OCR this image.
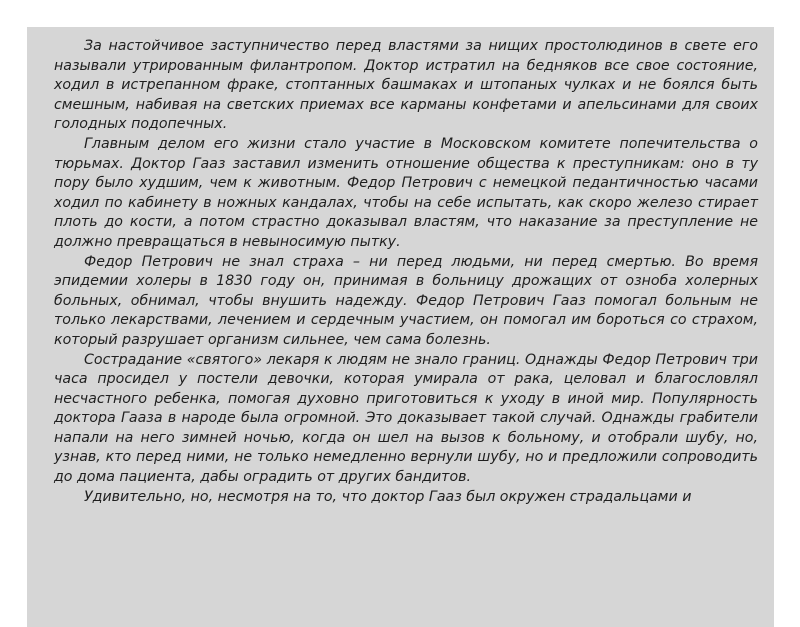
За настойчивое заступничество перед властями за нищих простолюдинов в свете его называли утрированным филантропом. Доктор истратил на бедняков все свое состояние, ходил в истрепанном фраке, стоптанных башмаках и штопаных чулках и не боялся быть смешным, набивая на светских приемах все карманы конфетами и апельсинами для своих голодных подопечных.

Главным делом его жизни стало участие в Московском комитете попечительства о тюрьмах. Доктор Гааз заставил изменить отношение общества к преступникам: оно в ту пору было худшим, чем к животным. Федор Петрович с немецкой педантичностью часами ходил по кабинету в ножных кандалах, чтобы на себе испытать, как скоро железо стирает плоть до кости, а потом страстно доказывал властям, что наказание за преступление не должно превращаться в невыносимую пытку.

Федор Петрович не знал страха – ни перед людьми, ни перед смертью. Во время эпидемии холеры в 1830 году он, принимая в больницу дрожащих от озноба холерных больных, обнимал, чтобы внушить надежду. Федор Петрович Гааз помогал больным не только лекарствами, лечением и сердечным участием, он помогал им бороться со страхом, который разрушает организм сильнее, чем сама болезнь.

Сострадание «святого» лекаря к людям не знало границ. Однажды Федор Петрович три часа просидел у постели девочки, которая умирала от рака, целовал и благословлял несчастного ребенка, помогая духовно приготовиться к уходу в иной мир. Популярность доктора Гааза в народе была огромной. Это доказывает такой случай. Однажды грабители напали на него зимней ночью, когда он шел на вызов к больному, и отобрали шубу, но, узнав, кто перед ними, не только немедленно вернули шубу, но и предложили сопроводить до дома пациента, дабы оградить от других бандитов.

Удивительно, но, несмотря на то, что доктор Гааз был окружен страдальцами и
